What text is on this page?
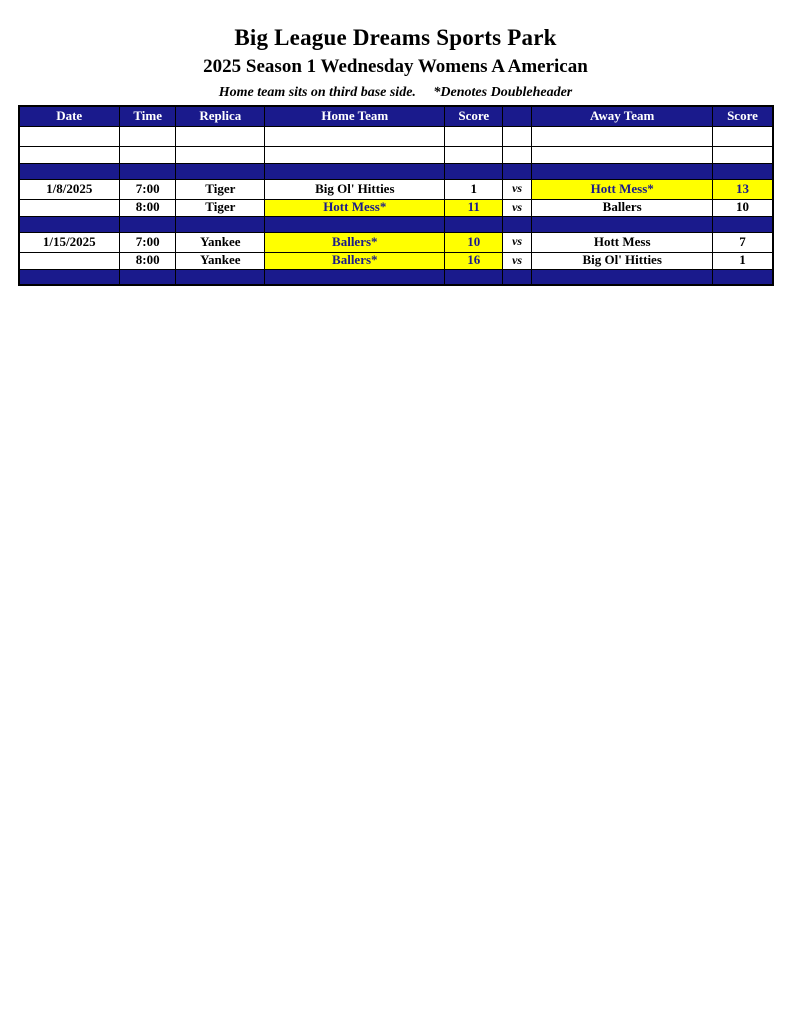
Big League Dreams Sports Park
2025 Season 1 Wednesday Womens A American
Home team sits on third base side. *Denotes Doubleheader
Date	Time	Replica	Home Team	Score		Away Team	Score

1/8/2025	7:00	Tiger	Big Ol' Hitties	1	vs	Hott Mess*	13
	8:00	Tiger	Hott Mess*	11	vs	Ballers	10

1/15/2025	7:00	Yankee	Ballers*	10	vs	Hott Mess	7
	8:00	Yankee	Ballers*	16	vs	Big Ol' Hitties	1
